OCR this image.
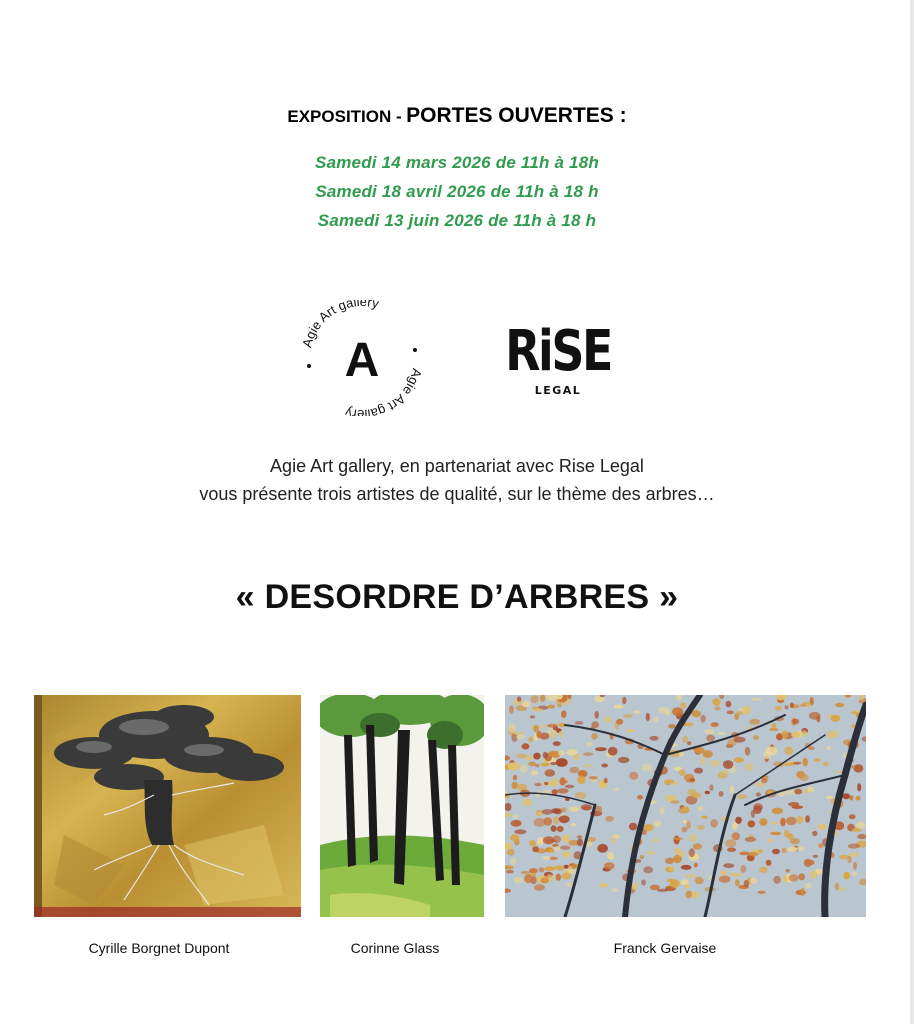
EXPOSITION - PORTES OUVERTES :
Samedi 14 mars 2026 de 11h à 18h
Samedi 18 avril 2026 de 11h à 18 h
Samedi 13 juin 2026 de 11h à 18 h
Agie Art gallery
Agie Art gallery
A RiSE
LEGAL
Agie Art gallery, en partenariat avec Rise Legal
vous présente trois artistes de qualité, sur le thème des arbres…
« DESORDRE D’ARBRES »
Cyrille Borgnet Dupont	Corinne Glass	Franck Gervaise
